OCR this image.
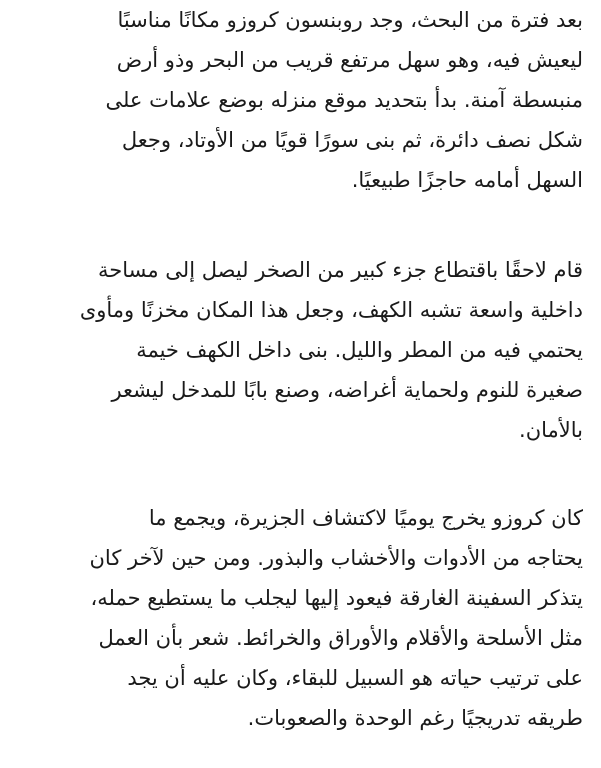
بعد فترة من البحث، وجد روبنسون كروزو مكانًا مناسبًا
ليعيش فيه، وهو سهل مرتفع قريب من البحر وذو أرض
منبسطة آمنة. بدأ بتحديد موقع منزله بوضع علامات على
شكل نصف دائرة، ثم بنى سورًا قويًا من الأوتاد، وجعل
السهل أمامه حاجزًا طبيعيًا.
قام لاحقًا باقتطاع جزء كبير من الصخر ليصل إلى مساحة
داخلية واسعة تشبه الكهف، وجعل هذا المكان مخزنًا ومأوى
يحتمي فيه من المطر والليل. بنى داخل الكهف خيمة
صغيرة للنوم ولحماية أغراضه، وصنع بابًا للمدخل ليشعر
بالأمان.
كان كروزو يخرج يوميًا لاكتشاف الجزيرة، ويجمع ما
يحتاجه من الأدوات والأخشاب والبذور. ومن حين لآخر كان
يتذكر السفينة الغارقة فيعود إليها ليجلب ما يستطيع حمله،
مثل الأسلحة والأقلام والأوراق والخرائط. شعر بأن العمل
على ترتيب حياته هو السبيل للبقاء، وكان عليه أن يجد
طريقه تدريجيًا رغم الوحدة والصعوبات.
